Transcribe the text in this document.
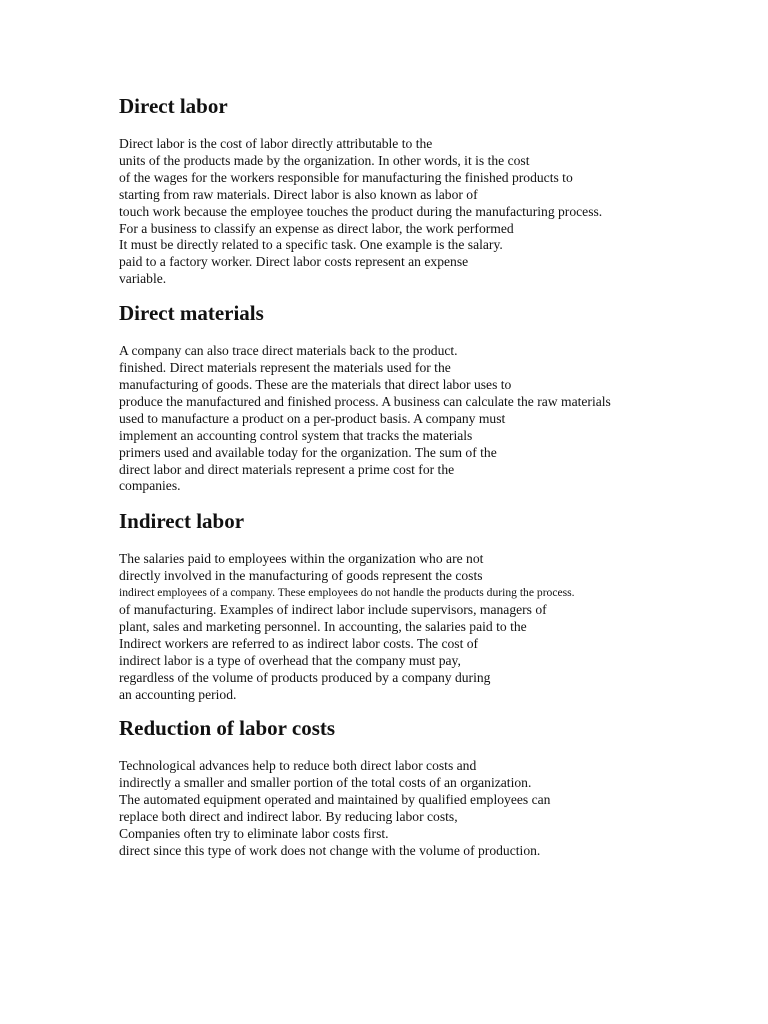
Direct labor
Direct labor is the cost of labor directly attributable to the
units of the products made by the organization. In other words, it is the cost
of the wages for the workers responsible for manufacturing the finished products to
starting from raw materials. Direct labor is also known as labor of
touch work because the employee touches the product during the manufacturing process.
For a business to classify an expense as direct labor, the work performed
It must be directly related to a specific task. One example is the salary.
paid to a factory worker. Direct labor costs represent an expense
variable.
Direct materials
A company can also trace direct materials back to the product.
finished. Direct materials represent the materials used for the
manufacturing of goods. These are the materials that direct labor uses to
produce the manufactured and finished process. A business can calculate the raw materials
used to manufacture a product on a per-product basis. A company must
implement an accounting control system that tracks the materials
primers used and available today for the organization. The sum of the
direct labor and direct materials represent a prime cost for the
companies.
Indirect labor
The salaries paid to employees within the organization who are not
directly involved in the manufacturing of goods represent the costs
indirect employees of a company. These employees do not handle the products during the process.
of manufacturing. Examples of indirect labor include supervisors, managers of
plant, sales and marketing personnel. In accounting, the salaries paid to the
Indirect workers are referred to as indirect labor costs. The cost of
indirect labor is a type of overhead that the company must pay,
regardless of the volume of products produced by a company during
an accounting period.
Reduction of labor costs
Technological advances help to reduce both direct labor costs and
indirectly a smaller and smaller portion of the total costs of an organization.
The automated equipment operated and maintained by qualified employees can
replace both direct and indirect labor. By reducing labor costs,
Companies often try to eliminate labor costs first.
direct since this type of work does not change with the volume of production.
